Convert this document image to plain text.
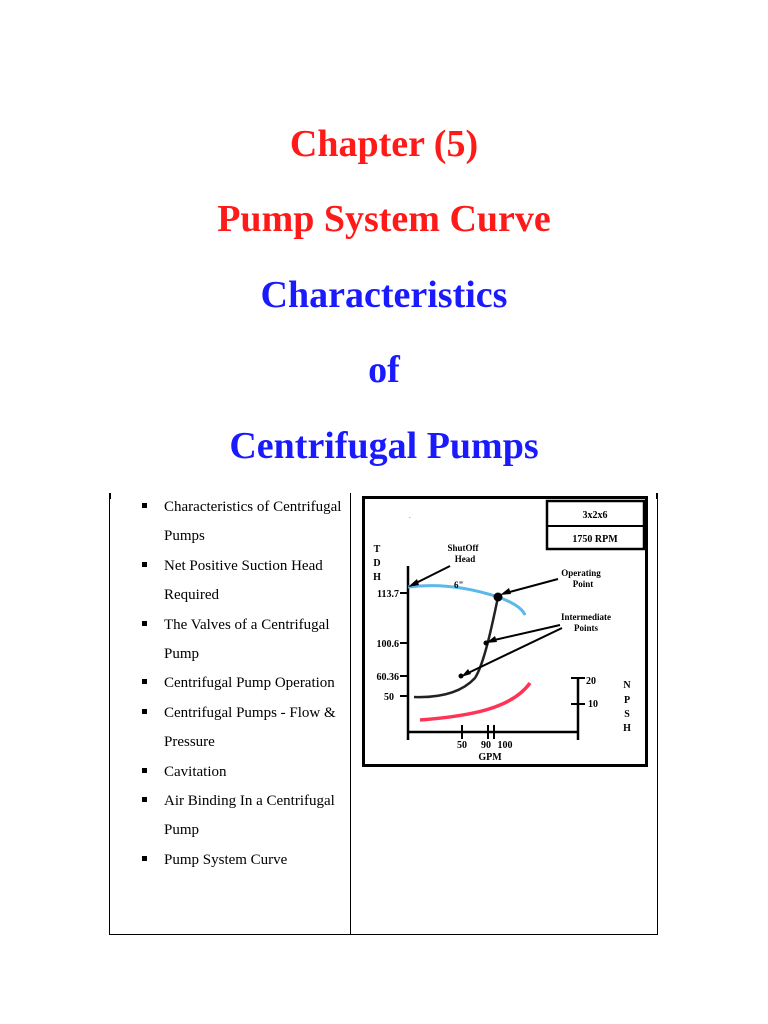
Chapter (5)
Pump System Curve
Characteristics
of
Centrifugal Pumps
Characteristics of Centrifugal Pumps
Net Positive Suction Head Required
The Valves of a Centrifugal Pump
Centrifugal Pump Operation
Centrifugal Pumps - Flow & Pressure
Cavitation
Air Binding In a Centrifugal Pump
Pump System Curve
3x2x6
1750 RPM
T
D
H
113.7
100.6
60.36
50
50 90 100
GPM
20
10
N
P
S
H
ShutOff
Head
Operating
Point
Intermediate
Points
6"
.
